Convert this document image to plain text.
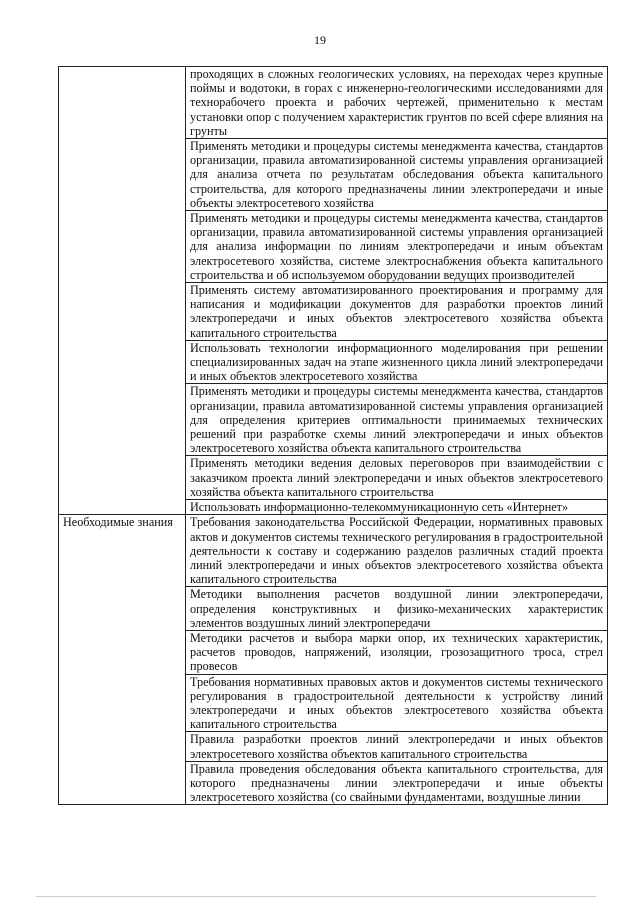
19
	проходящих в сложных геологических условиях, на переходах через крупные поймы и водотоки, в горах с инженерно-геологическими исследованиями для технорабочего проекта и рабочих чертежей, применительно к местам установки опор с получением характеристик грунтов по всей сфере влияния на грунты
	Применять методики и процедуры системы менеджмента качества, стандартов организации, правила автоматизированной системы управления организацией для анализа отчета по результатам обследования объекта капитального строительства, для которого предназначены линии электропередачи и иные объекты электросетевого хозяйства
	Применять методики и процедуры системы менеджмента качества, стандартов организации, правила автоматизированной системы управления организацией для анализа информации по линиям электропередачи и иным объектам электросетевого хозяйства, системе электроснабжения объекта капитального строительства и об используемом оборудовании ведущих производителей
	Применять систему автоматизированного проектирования и программу для написания и модификации документов для разработки проектов линий электропередачи и иных объектов электросетевого хозяйства объекта капитального строительства
	Использовать технологии информационного моделирования при решении специализированных задач на этапе жизненного цикла линий электропередачи и иных объектов электросетевого хозяйства
	Применять методики и процедуры системы менеджмента качества, стандартов организации, правила автоматизированной системы управления организацией для определения критериев оптимальности принимаемых технических решений при разработке схемы линий электропередачи и иных объектов электросетевого хозяйства объекта капитального строительства
	Применять методики ведения деловых переговоров при взаимодействии с заказчиком проекта линий электропередачи и иных объектов электросетевого хозяйства объекта капитального строительства
	Использовать информационно-телекоммуникационную сеть «Интернет»
Необходимые знания	Требования законодательства Российской Федерации, нормативных правовых актов и документов системы технического регулирования в градостроительной деятельности к составу и содержанию разделов различных стадий проекта линий электропередачи и иных объектов электросетевого хозяйства объекта капитального строительства
	Методики выполнения расчетов воздушной линии электропередачи, определения конструктивных и физико-механических характеристик элементов воздушных линий электропередачи
	Методики расчетов и выбора марки опор, их технических характеристик, расчетов проводов, напряжений, изоляции, грозозащитного троса, стрел провесов
	Требования нормативных правовых актов и документов системы технического регулирования в градостроительной деятельности к устройству линий электропередачи и иных объектов электросетевого хозяйства объекта капитального строительства
	Правила разработки проектов линий электропередачи и иных объектов электросетевого хозяйства объектов капитального строительства
	Правила проведения обследования объекта капитального строительства, для которого предназначены линии электропередачи и иные объекты электросетевого хозяйства (со свайными фундаментами, воздушные линии
